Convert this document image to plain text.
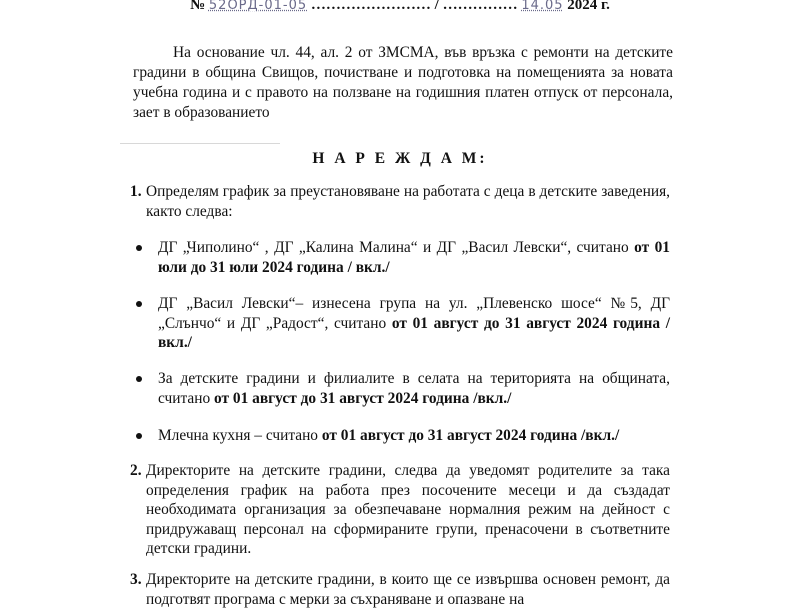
№ 52ОРД-01-05 …………………… / …………… 14.05 2024 г.
На основание чл. 44, ал. 2 от ЗМСМА, във връзка с ремонти на детските градини в община Свищов, почистване и подготовка на помещенията за новата учебна година и с правото на ползване на годишния платен отпуск от персонала, зает в образованието
Н А Р Е Ж Д А М:
1. Определям график за преустановяване на работата с деца в детските заведения, както следва:
ДГ „Чиполино“ , ДГ „Калина Малина“ и ДГ „Васил Левски“, считано от 01 юли до 31 юли 2024 година / вкл./
ДГ „Васил Левски“– изнесена група на ул. „Плевенско шосе“ №5, ДГ „Слънчо“ и ДГ „Радост“, считано от 01 август до 31 август 2024 година /вкл./
За детските градини и филиалите в селата на територията на общината, считано от 01 август до 31 август 2024 година /вкл./
Млечна кухня – считано от 01 август до 31 август 2024 година /вкл./
2. Директорите на детските градини, следва да уведомят родителите за така определения график на работа през посочените месеци и да създадат необходимата организация за обезпечаване нормалния режим на дейност с придружаващ персонал на сформираните групи, пренасочени в съответните детски градини.
3. Директорите на детските градини, в които ще се извършва основен ремонт, да подготвят програма с мерки за съхраняване и опазване на
